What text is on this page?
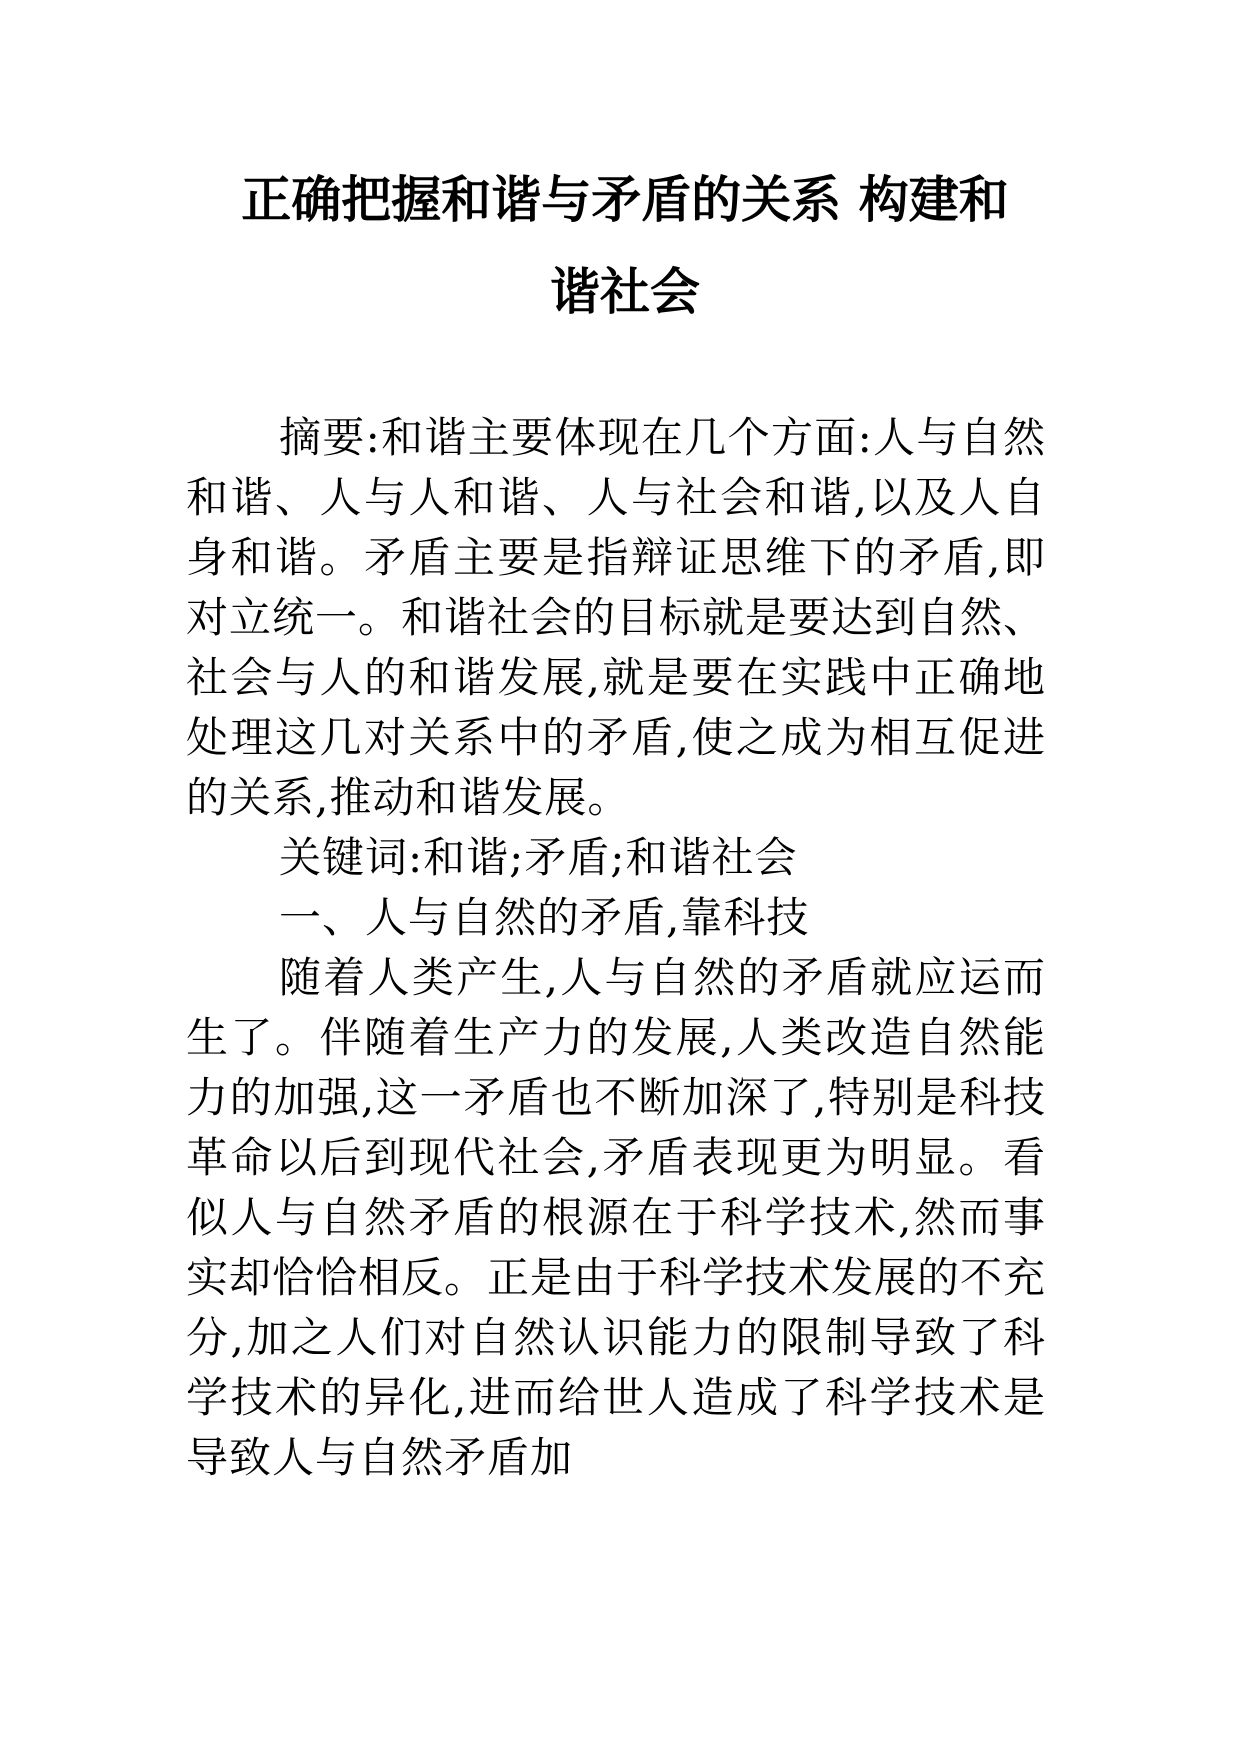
正确把握和谐与矛盾的关系 构建和
谐社会

摘要:和谐主要体现在几个方面:人与自然和谐、人与人和谐、人与社会和谐,以及人自身和谐。矛盾主要是指辩证思维下的矛盾,即对立统一。和谐社会的目标就是要达到自然、社会与人的和谐发展,就是要在实践中正确地处理这几对关系中的矛盾,使之成为相互促进的关系,推动和谐发展。

关键词:和谐;矛盾;和谐社会

一、人与自然的矛盾,靠科技

随着人类产生,人与自然的矛盾就应运而生了。伴随着生产力的发展,人类改造自然能力的加强,这一矛盾也不断加深了,特别是科技革命以后到现代社会,矛盾表现更为明显。看似人与自然矛盾的根源在于科学技术,然而事实却恰恰相反。正是由于科学技术发展的不充分,加之人们对自然认识能力的限制导致了科学技术的异化,进而给世人造成了科学技术是导致人与自然矛盾加
